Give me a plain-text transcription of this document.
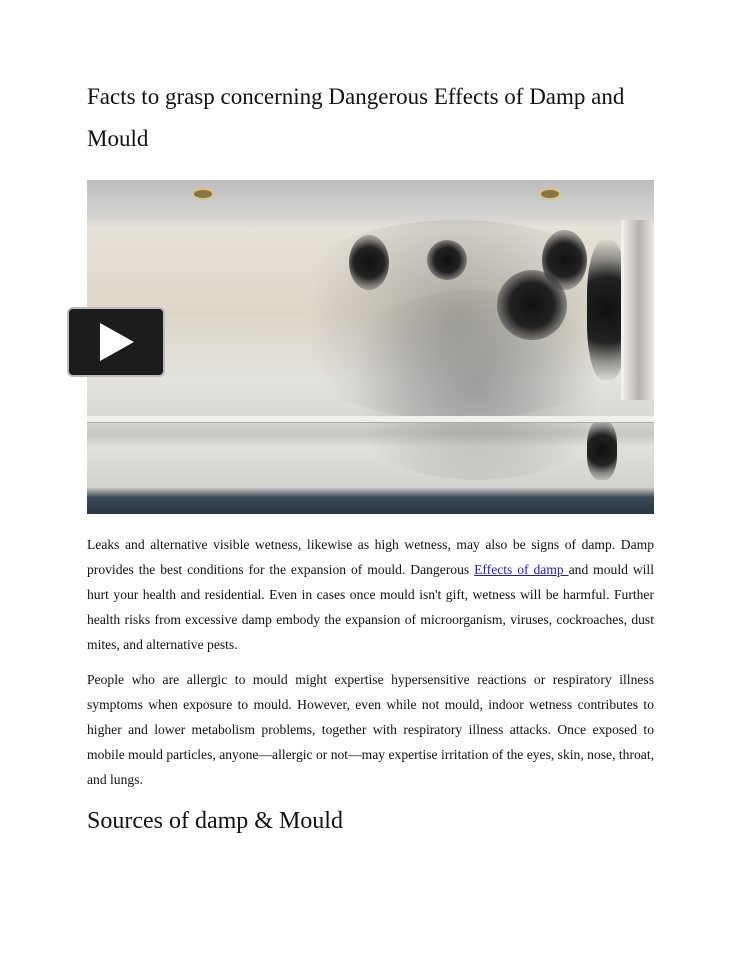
Facts to grasp concerning Dangerous Effects of Damp and Mould

Leaks and alternative visible wetness, likewise as high wetness, may also be signs of damp. Damp provides the best conditions for the expansion of mould. Dangerous Effects of damp and mould will hurt your health and residential. Even in cases once mould isn't gift, wetness will be harmful. Further health risks from excessive damp embody the expansion of microorganism, viruses, cockroaches, dust mites, and alternative pests.

People who are allergic to mould might expertise hypersensitive reactions or respiratory illness symptoms when exposure to mould. However, even while not mould, indoor wetness contributes to higher and lower metabolism problems, together with respiratory illness attacks. Once exposed to mobile mould particles, anyone—allergic or not—may expertise irritation of the eyes, skin, nose, throat, and lungs.

Sources of damp & Mould
